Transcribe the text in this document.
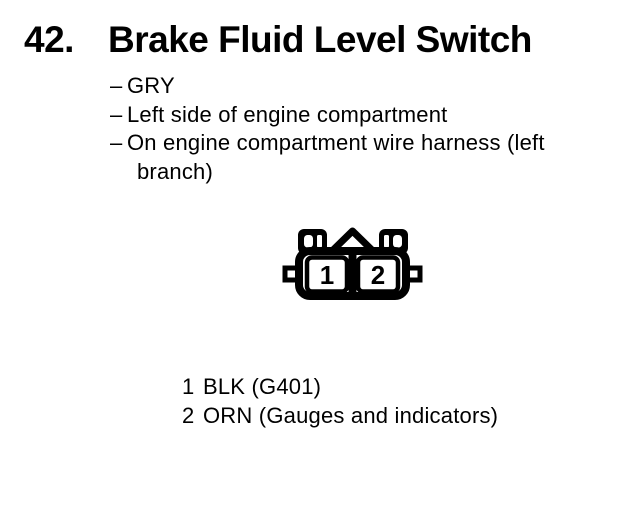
42. Brake Fluid Level Switch
– GRY
– Left side of engine compartment
– On engine compartment wire harness (left
branch)
1 2
1 BLK (G401)
2 ORN (Gauges and indicators)
